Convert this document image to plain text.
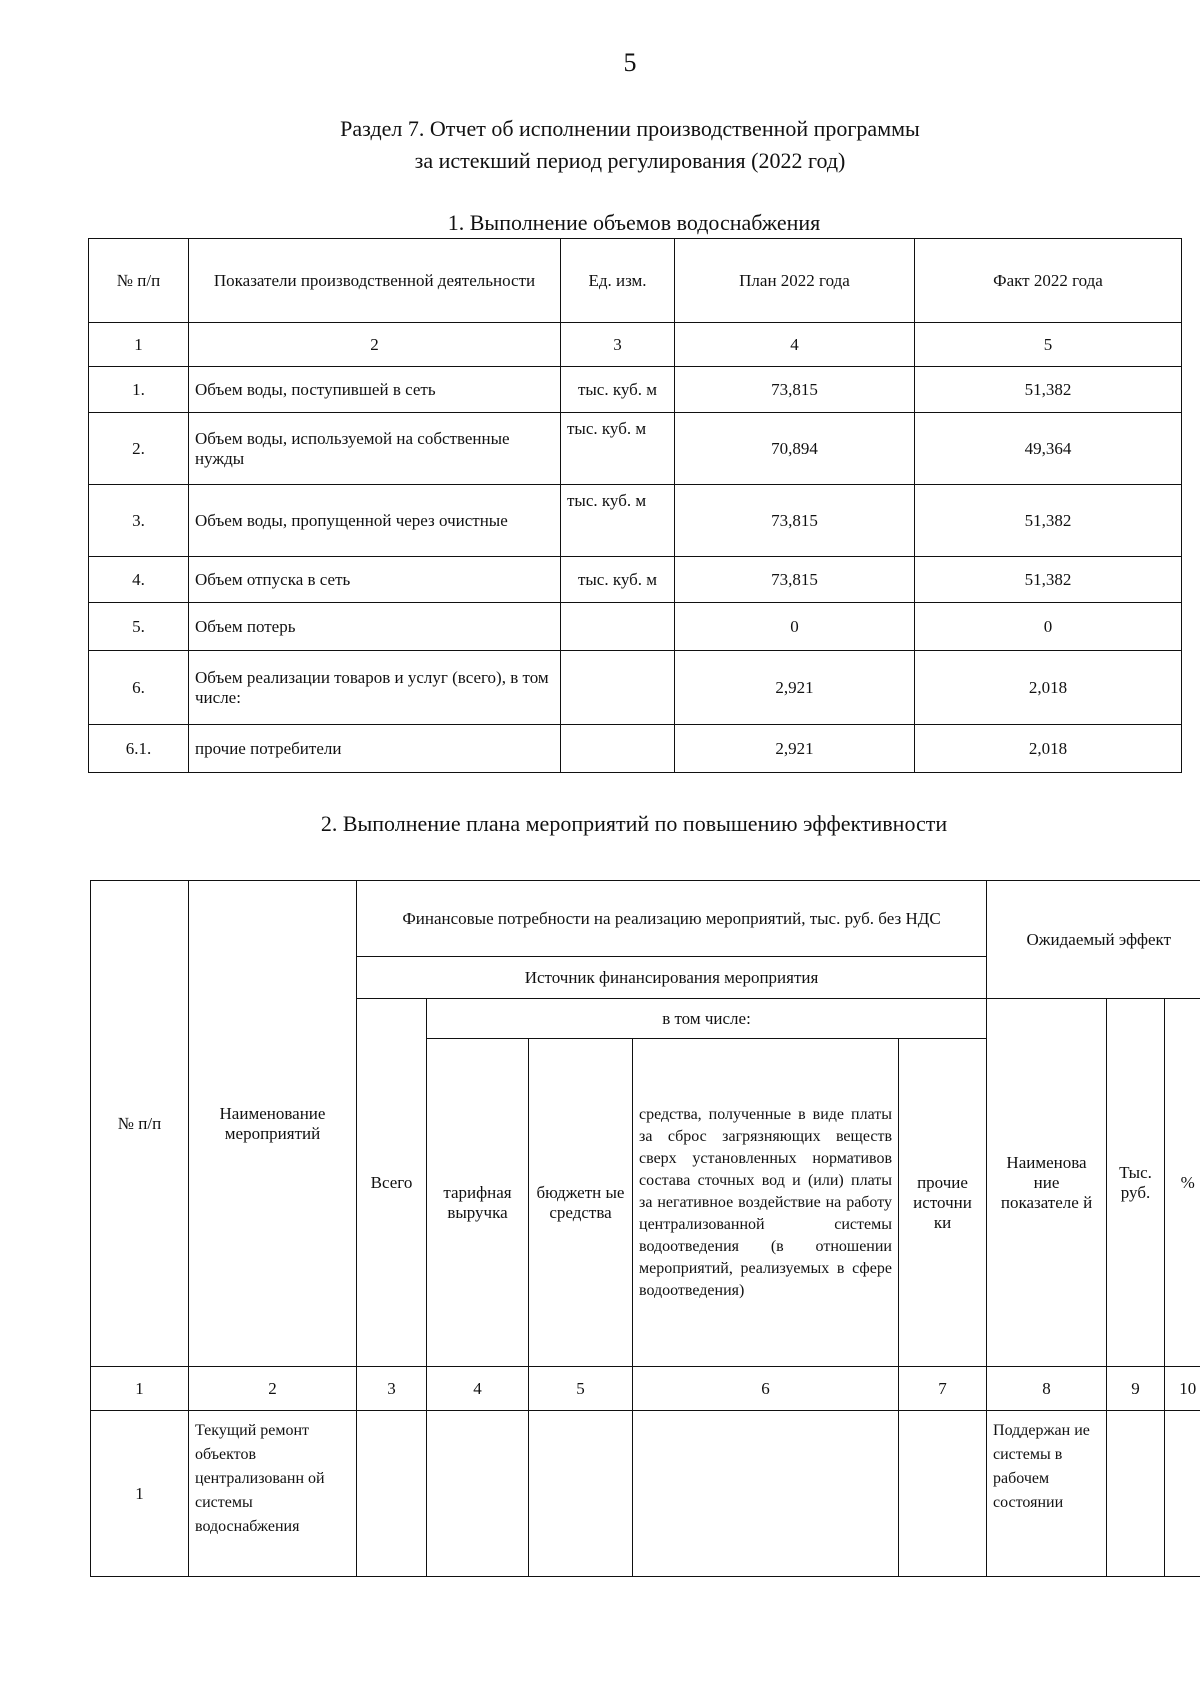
5
Раздел 7. Отчет об исполнении производственной программы
за истекший период регулирования (2022 год)
1. Выполнение объемов водоснабжения
№ п/п	Показатели производственной деятельности	Ед. изм.	План 2022 года	Факт 2022 года
1	2	3	4	5
1.	Объем воды, поступившей в сеть	тыс. куб. м	73,815	51,382
2.	Объем воды, используемой на собственные нужды	тыс. куб. м	70,894	49,364
3.	Объем воды, пропущенной через очистные	тыс. куб. м	73,815	51,382
4.	Объем отпуска в сеть	тыс. куб. м	73,815	51,382
5.	Объем потерь		0	0
6.	Объем реализации товаров и услуг (всего), в том числе:		2,921	2,018
6.1.	прочие потребители		2,921	2,018
2. Выполнение плана мероприятий по повышению эффективности
№ п/п	Наименование мероприятий	Финансовые потребности на реализацию мероприятий, тыс. руб. без НДС					Ожидаемый эффект		
		Источник финансирования мероприятия							
		Всего	в том числе:				Наименова ние показателе й	Тыс. руб.	%
			тарифная выручка	бюджетн ые средства	средства, полученные в виде платы за сброс загрязняющих веществ сверх установленных нормативов состава сточных вод и (или) платы за негативное воздействие на работу централизованной системы водоотведения (в отношении мероприятий, реализуемых в сфере водоотведения)	прочие источни ки			
1	2	3	4	5	6	7	8	9	10
1	Текущий ремонт объектов централизованн ой системы водоснабжения						Поддержан ие системы в рабочем состоянии		
